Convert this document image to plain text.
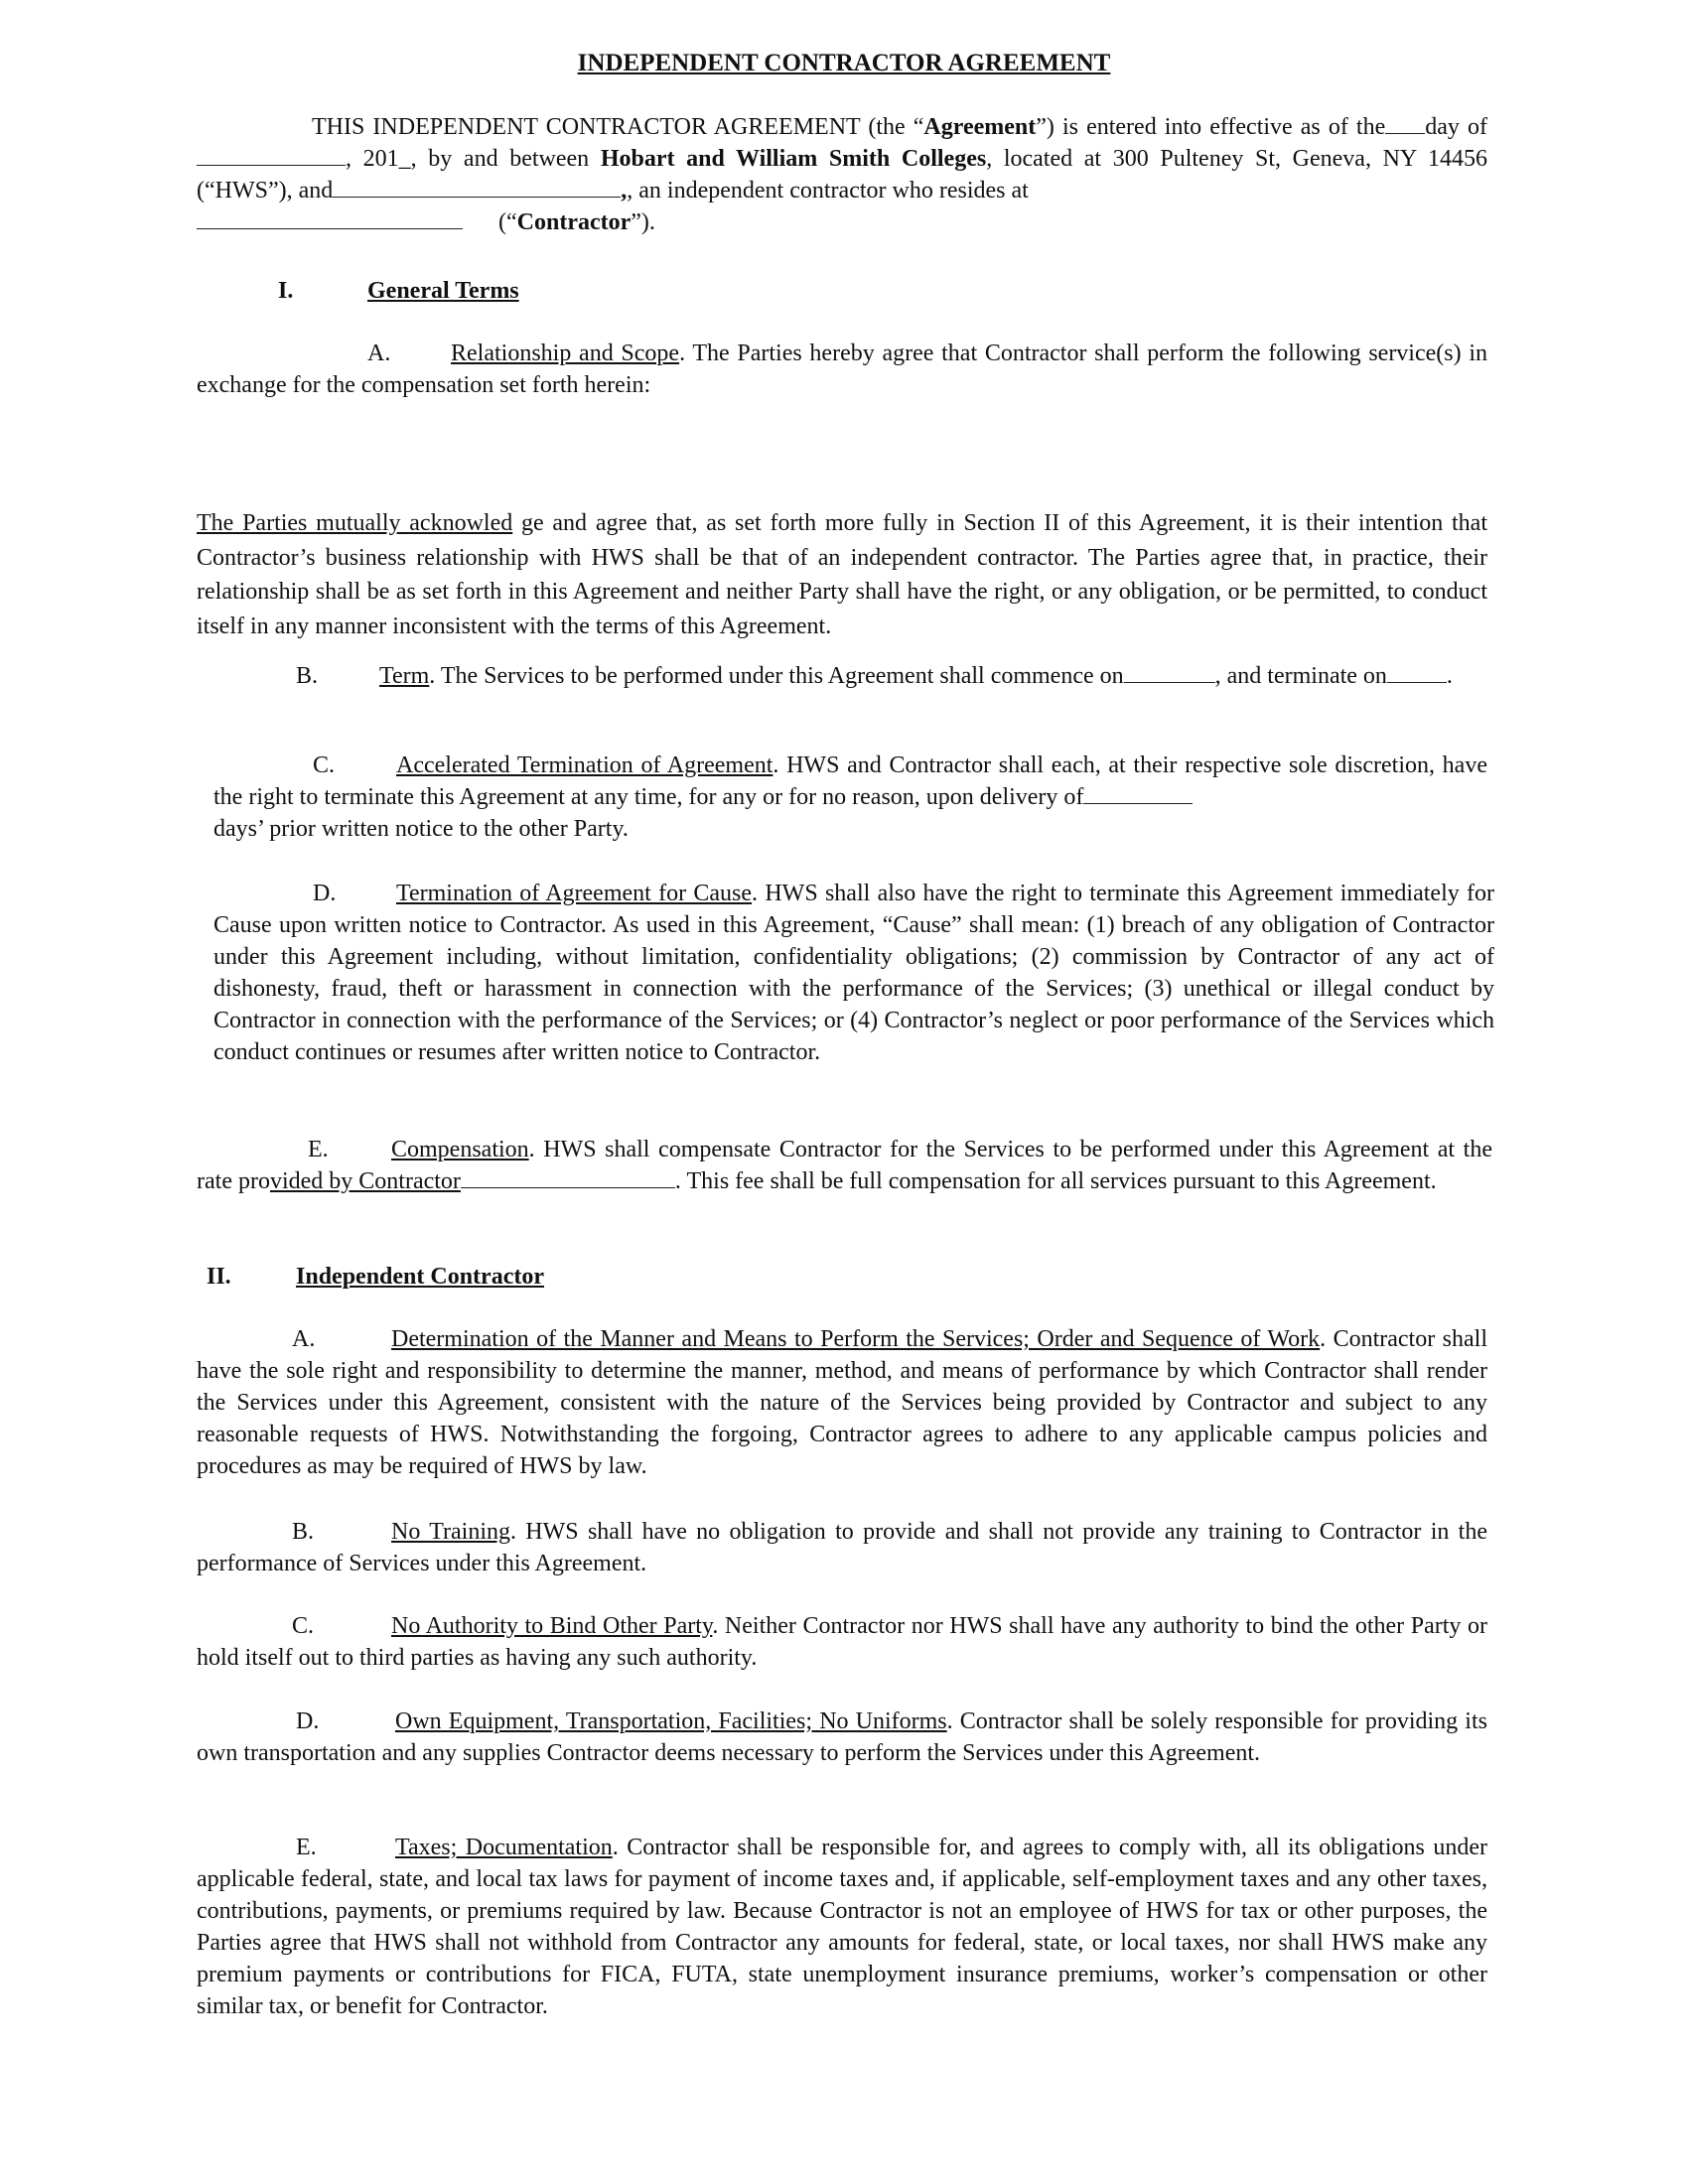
INDEPENDENT CONTRACTOR AGREEMENT

THIS INDEPENDENT CONTRACTOR AGREEMENT (the “Agreement”) is entered into effective as of the day of, 201_, by and between Hobart and William Smith Colleges, located at 300 Pulteney St, Geneva, NY 14456 (“HWS”), and	,, an independent contractor who resides at
(“Contractor”).

I.	General Terms

A.	Relationship and Scope. The Parties hereby agree that Contractor shall perform the following service(s) in exchange for the compensation set forth herein:

The Parties mutually acknowled ge and agree that, as set forth more fully in Section II of this Agreement, it is their intention that Contractor’s business relationship with HWS shall be that of an independent contractor. The Parties agree that, in practice, their relationship shall be as set forth in this Agreement and neither Party shall have the right, or any obligation, or be permitted, to conduct itself in any manner inconsistent with the terms of this Agreement.

B.	Term. The Services to be performed under this Agreement shall commence on	, and terminate on	.

C.	Accelerated Termination of Agreement. HWS and Contractor shall each, at their respective sole discretion, have the right to terminate this Agreement at any time, for any or for no reason, upon delivery of
days’ prior written notice to the other Party.

D.	Termination of Agreement for Cause. HWS shall also have the right to terminate this Agreement immediately for Cause upon written notice to Contractor. As used in this Agreement, “Cause” shall mean: (1) breach of any obligation of Contractor under this Agreement including, without limitation, confidentiality obligations; (2) commission by Contractor of any act of dishonesty, fraud, theft or harassment in connection with the performance of the Services; (3) unethical or illegal conduct by Contractor in connection with the performance of the Services; or (4) Contractor’s neglect or poor performance of the Services which conduct continues or resumes after written notice to Contractor.

E.	Compensation. HWS shall compensate Contractor for the Services to be performed under this Agreement at the rate provided by Contractor	. This fee shall be full compensation for all services pursuant to this Agreement.

II.	Independent Contractor

A.	Determination of the Manner and Means to Perform the Services; Order and Sequence of Work. Contractor shall have the sole right and responsibility to determine the manner, method, and means of performance by which Contractor shall render the Services under this Agreement, consistent with the nature of the Services being provided by Contractor and subject to any reasonable requests of HWS. Notwithstanding the forgoing, Contractor agrees to adhere to any applicable campus policies and procedures as may be required of HWS by law.

B.	No Training. HWS shall have no obligation to provide and shall not provide any training to Contractor in the performance of Services under this Agreement.

C.	No Authority to Bind Other Party. Neither Contractor nor HWS shall have any authority to bind the other Party or hold itself out to third parties as having any such authority.

D.	Own Equipment, Transportation, Facilities; No Uniforms. Contractor shall be solely responsible for providing its own transportation and any supplies Contractor deems necessary to perform the Services under this Agreement.

E.	Taxes; Documentation. Contractor shall be responsible for, and agrees to comply with, all its obligations under applicable federal, state, and local tax laws for payment of income taxes and, if applicable, self-employment taxes and any other taxes, contributions, payments, or premiums required by law. Because Contractor is not an employee of HWS for tax or other purposes, the Parties agree that HWS shall not withhold from Contractor any amounts for federal, state, or local taxes, nor shall HWS make any premium payments or contributions for FICA, FUTA, state unemployment insurance premiums, worker’s compensation or other similar tax, or benefit for Contractor.
